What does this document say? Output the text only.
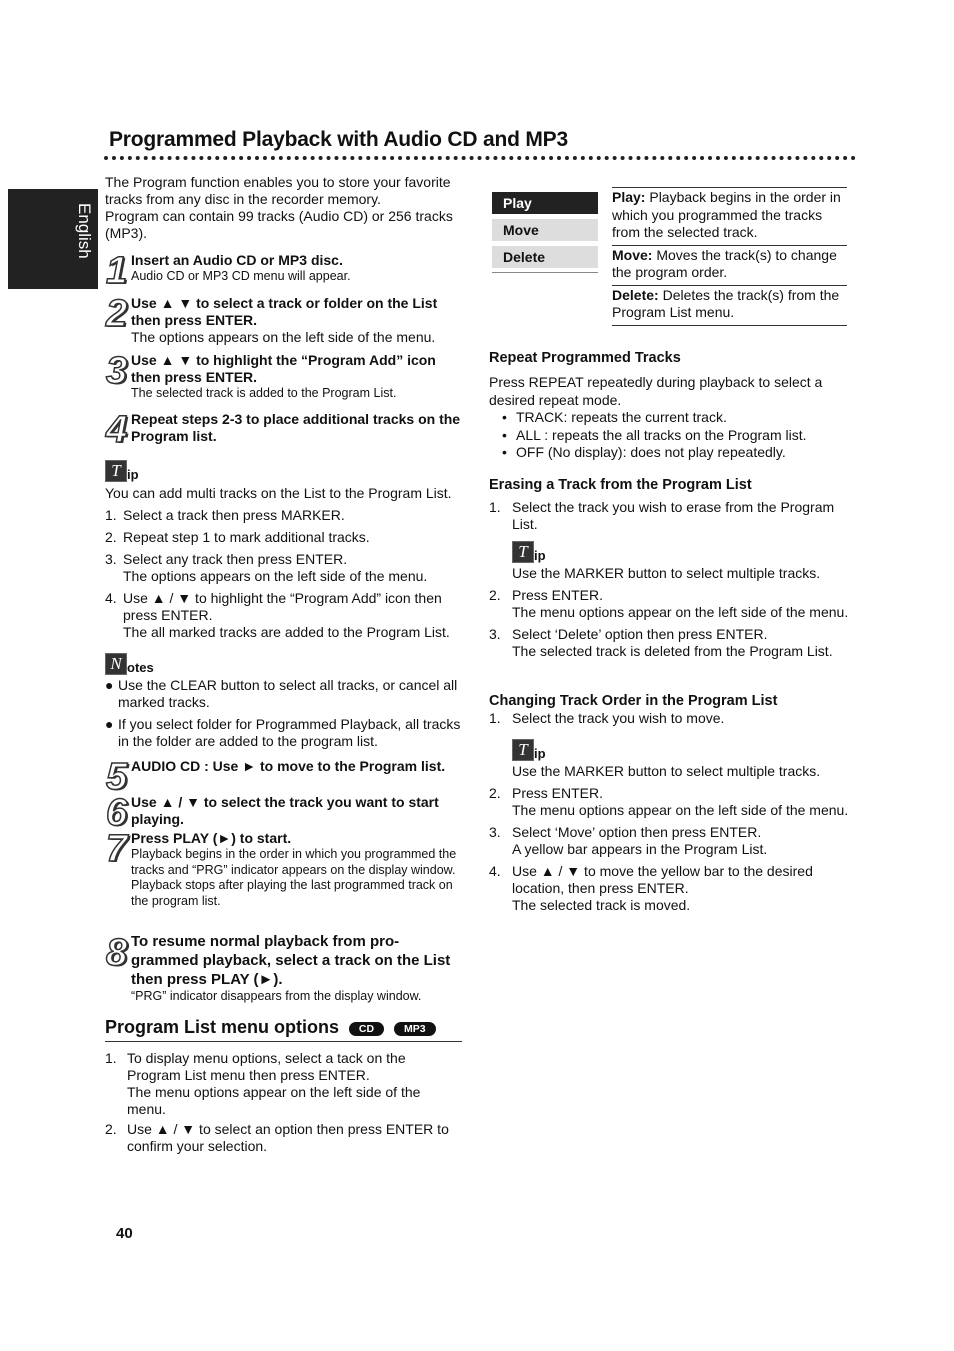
Programmed Playback with Audio CD and MP3
English

The Program function enables you to store your favorite tracks from any disc in the recorder memory.

Program can contain 99 tracks (Audio CD) or 256 tracks (MP3).

1 Insert an Audio CD or MP3 disc.

Audio CD or MP3 CD menu will appear.

2 Use ▲ ▼ to select a track or folder on the List then press ENTER.

The options appears on the left side of the menu.

3 Use ▲ ▼ to highlight the “Program Add” icon then press ENTER.

The selected track is added to the Program List.

4 Repeat steps 2-3 to place additional tracks on the Program list.

T ip

You can add multi tracks on the List to the Program List.

1. Select a track then press MARKER.
2. Repeat step 1 to mark additional tracks.
3. Select any track then press ENTER.
The options appears on the left side of the menu.
4. Use ▲ / ▼ to highlight the “Program Add” icon then press ENTER.
The all marked tracks are added to the Program List.
N otes
● Use the CLEAR button to select all tracks, or cancel all marked tracks.
● If you select folder for Programmed Playback, all tracks in the folder are added to the program list.
5 AUDIO CD : Use ► to move to the Program list.

6 Use ▲ / ▼ to select the track you want to start playing.

7 Press PLAY (►) to start.

Playback begins in the order in which you programmed the tracks and “PRG” indicator appears on the display window.

Playback stops after playing the last programmed track on the program list.

8 To resume normal playback from pro-grammed playback, select a track on the List then press PLAY (►).

“PRG” indicator disappears from the display window.

Program List menu options CD	MP3
1. To display menu options, select a tack on the Program List menu then press ENTER.
The menu options appear on the left side of the menu.
2. Use ▲ / ▼ to select an option then press ENTER to confirm your selection.
40
Play
Move
Delete
Play: Playback begins in the order in which you programmed the tracks from the selected track.
Move: Moves the track(s) to change the program order.
Delete: Deletes the track(s) from the Program List menu.
Repeat Programmed Tracks

Press REPEAT repeatedly during playback to select a desired repeat mode.

• TRACK: repeats the current track.
• ALL : repeats the all tracks on the Program list.
• OFF (No display): does not play repeatedly.
Erasing a Track from the Program List
1. Select the track you wish to erase from the Program List.
T ip

Use the MARKER button to select multiple tracks.

2. Press ENTER.
The menu options appear on the left side of the menu.
3. Select ‘Delete’ option then press ENTER.
The selected track is deleted from the Program List.
Changing Track Order in the Program List
1. Select the track you wish to move.
T ip

Use the MARKER button to select multiple tracks.

2. Press ENTER.
The menu options appear on the left side of the menu.
3. Select ‘Move’ option then press ENTER.
A yellow bar appears in the Program List.
4. Use ▲ / ▼ to move the yellow bar to the desired location, then press ENTER.
The selected track is moved.
